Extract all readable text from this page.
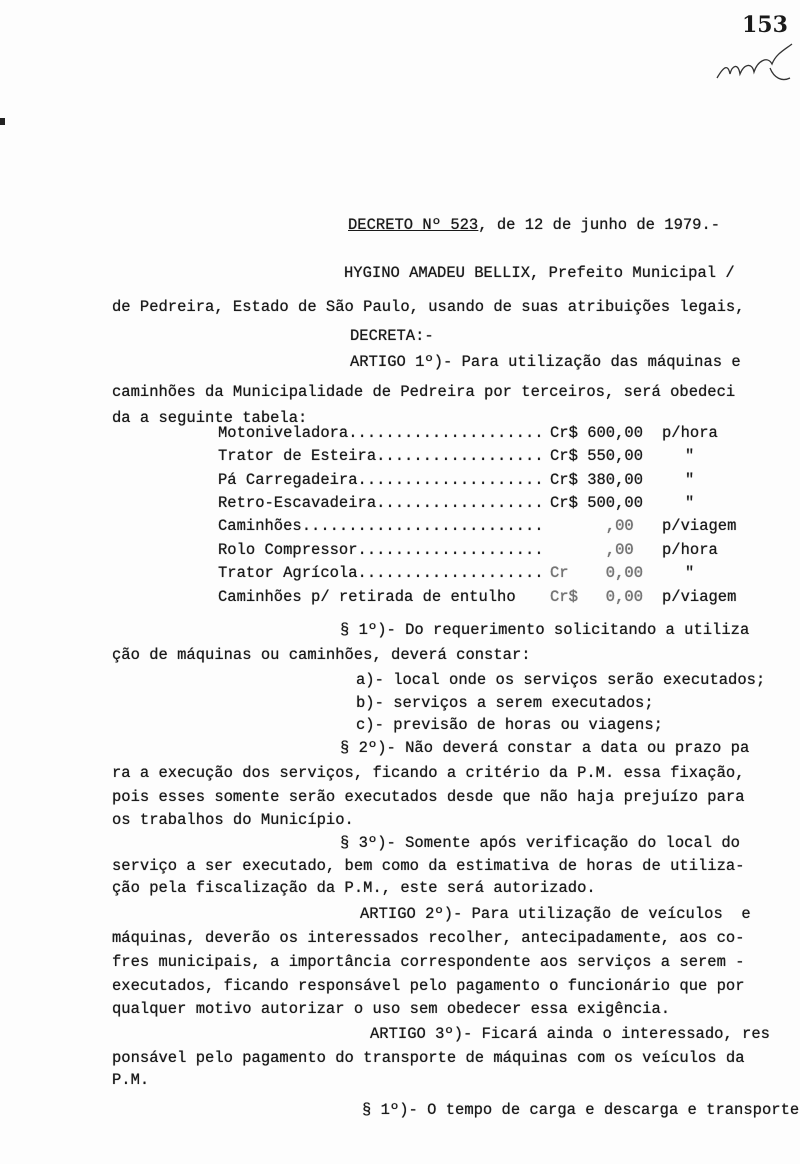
153
DECRETO Nº 523, de 12 de junho de 1979.-
HYGINO AMADEU BELLIX, Prefeito Municipal /
de Pedreira, Estado de São Paulo, usando de suas atribuições legais,
DECRETA:-
ARTIGO 1º)- Para utilização das máquinas e
caminhões da Municipalidade de Pedreira por terceiros, será obedeci
da a seguinte tabela:
Motoniveladora..................... Cr$ 600,00 p/hora
Trator de Esteira.................. Cr$ 550,00	"
Pá Carregadeira.................... Cr$ 380,00	"
Retro-Escavadeira.................. Cr$ 500,00	"
Caminhões.......................... ,00 p/viagem
Rolo Compressor.................... ,00 p/hora
Trator Agrícola.................... Cr    0,00	"
Caminhões p/ retirada de entulho Cr$   0,00 p/viagem
§ 1º)- Do requerimento solicitando a utiliza
ção de máquinas ou caminhões, deverá constar:
a)- local onde os serviços serão executados;
b)- serviços a serem executados;
c)- previsão de horas ou viagens;
§ 2º)- Não deverá constar a data ou prazo pa
ra a execução dos serviços, ficando a critério da P.M. essa fixação,
pois esses somente serão executados desde que não haja prejuízo para
os trabalhos do Município.
§ 3º)- Somente após verificação do local do
serviço a ser executado, bem como da estimativa de horas de utiliza-
ção pela fiscalização da P.M., este será autorizado.
ARTIGO 2º)- Para utilização de veículos  e
máquinas, deverão os interessados recolher, antecipadamente, aos co-
fres municipais, a importância correspondente aos serviços a serem -
executados, ficando responsável pelo pagamento o funcionário que por
qualquer motivo autorizar o uso sem obedecer essa exigência.
ARTIGO 3º)- Ficará ainda o interessado, res
ponsável pelo pagamento do transporte de máquinas com os veículos da
P.M.
§ 1º)- O tempo de carga e descarga e transporte
